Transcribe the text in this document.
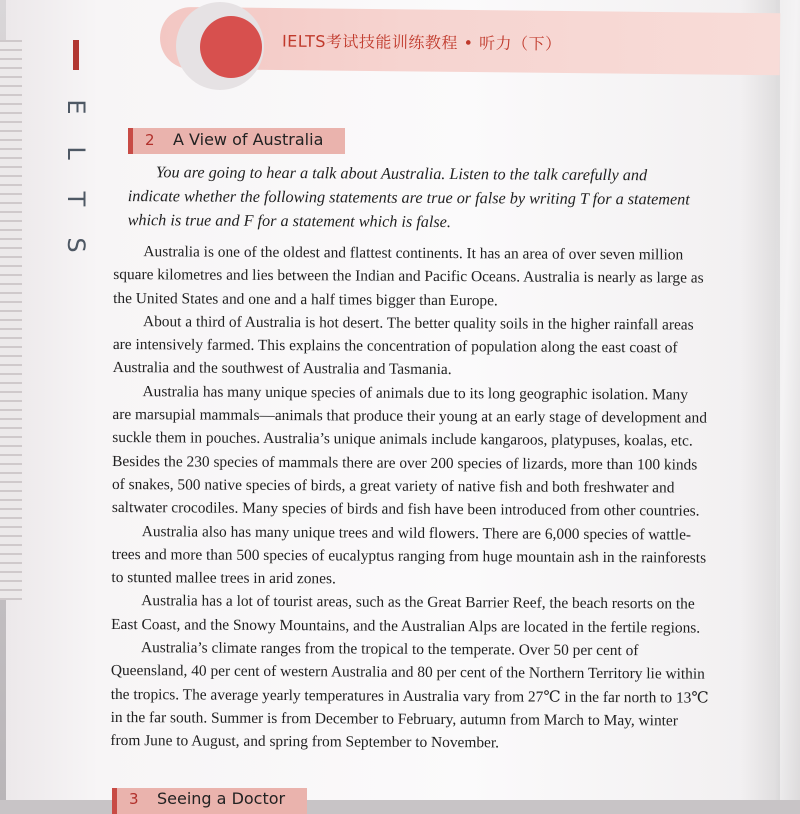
IELTS考试技能训练教程 • 听力（下）
E
L
T
S
2 A View of Australia
You are going to hear a talk about Australia. Listen to the talk carefully and
indicate whether the following statements are true or false by writing T for a statement
which is true and F for a statement which is false.
Australia is one of the oldest and flattest continents. It has an area of over seven million
square kilometres and lies between the Indian and Pacific Oceans. Australia is nearly as large as
the United States and one and a half times bigger than Europe.
About a third of Australia is hot desert. The better quality soils in the higher rainfall areas
are intensively farmed. This explains the concentration of population along the east coast of
Australia and the southwest of Australia and Tasmania.
Australia has many unique species of animals due to its long geographic isolation. Many
are marsupial mammals—animals that produce their young at an early stage of development and
suckle them in pouches. Australia’s unique animals include kangaroos, platypuses, koalas, etc.
Besides the 230 species of mammals there are over 200 species of lizards, more than 100 kinds
of snakes, 500 native species of birds, a great variety of native fish and both freshwater and
saltwater crocodiles. Many species of birds and fish have been introduced from other countries.
Australia also has many unique trees and wild flowers. There are 6,000 species of wattle-
trees and more than 500 species of eucalyptus ranging from huge mountain ash in the rainforests
to stunted mallee trees in arid zones.
Australia has a lot of tourist areas, such as the Great Barrier Reef, the beach resorts on the
East Coast, and the Snowy Mountains, and the Australian Alps are located in the fertile regions.
Australia’s climate ranges from the tropical to the temperate. Over 50 per cent of
Queensland, 40 per cent of western Australia and 80 per cent of the Northern Territory lie within
the tropics. The average yearly temperatures in Australia vary from 27℃ in the far north to 13℃
in the far south. Summer is from December to February, autumn from March to May, winter
from June to August, and spring from September to November.
3 Seeing a Doctor
